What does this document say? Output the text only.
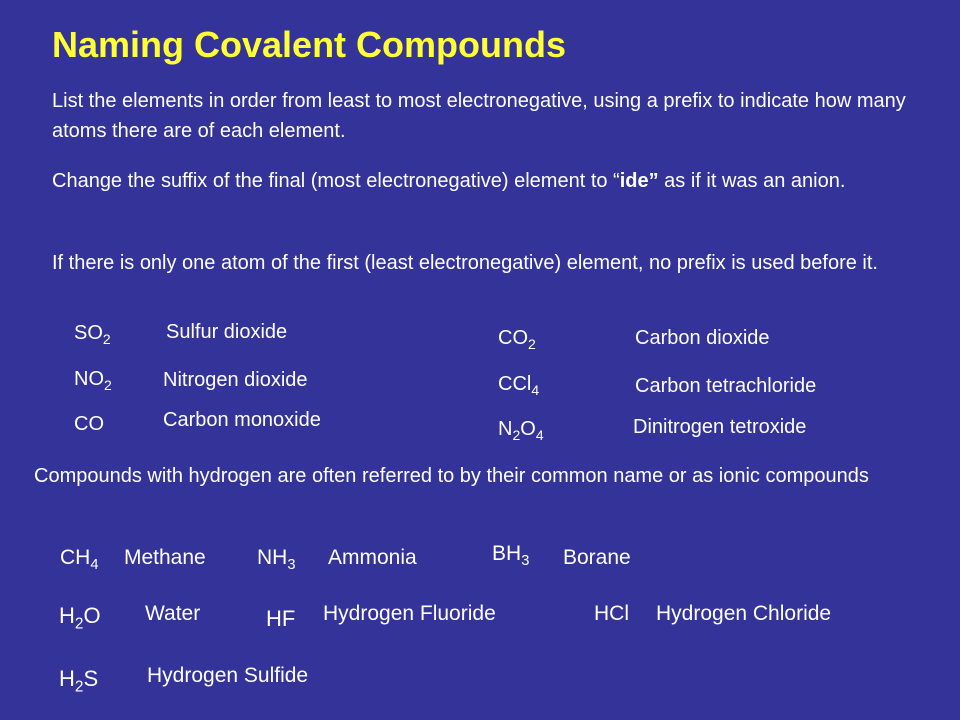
Naming Covalent Compounds
List the elements in order from least to most electronegative, using a prefix to indicate how many atoms there are of each element.
Change the suffix of the final (most electronegative) element to “ide” as if it was an anion.
If there is only one atom of the first (least electronegative) element, no prefix is used before it.
$SO_2$	Sulfur dioxide
$NO_2$	Nitrogen dioxide
CO	Carbon monoxide
$CO_2$	Carbon dioxide
CCl$_4$	Carbon tetrachloride
$N_2O_4$	Dinitrogen tetroxide
Compounds with hydrogen are often referred to by their common name or as ionic compounds
$CH_4$ Methane $NH_3$ Ammonia	$BH_3$ Borane
$H_2O$ Water	HF Hydrogen Fluoride	HCl Hydrogen Chloride
$H_2S$ Hydrogen Sulfide
